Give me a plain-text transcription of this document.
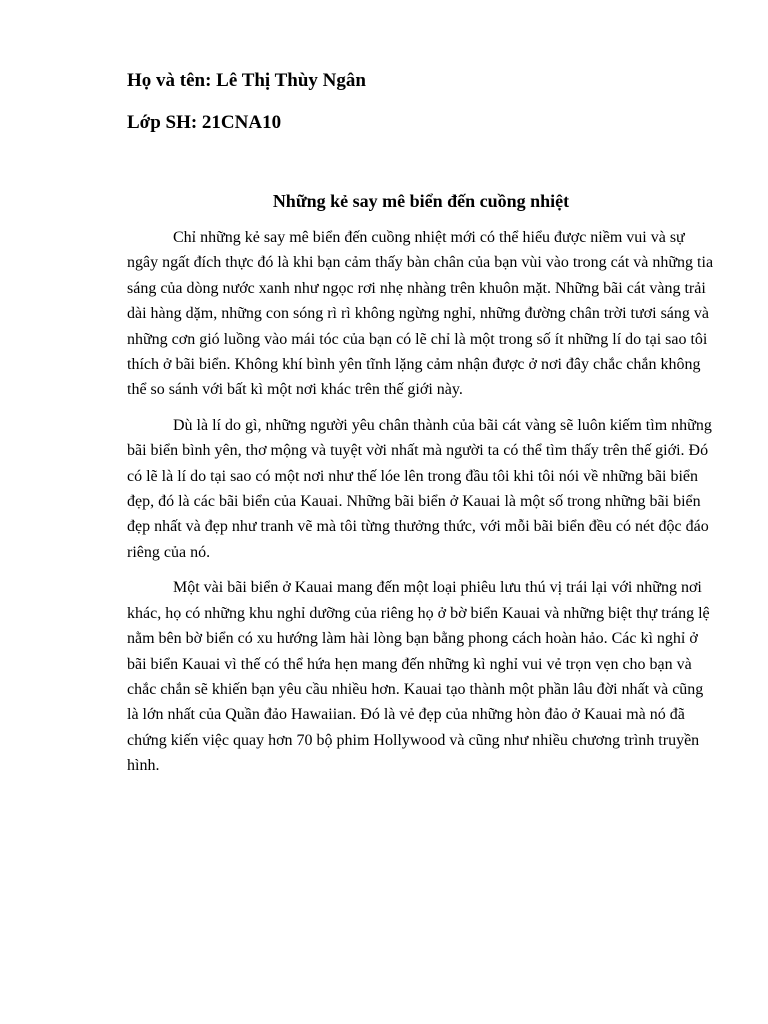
Họ và tên: Lê Thị Thùy Ngân
Lớp SH: 21CNA10
Những kẻ say mê biển đến cuồng nhiệt

Chỉ những kẻ say mê biển đến cuồng nhiệt mới có thể hiểu được niềm vui và sự ngây ngất đích thực đó là khi bạn cảm thấy bàn chân của bạn vùi vào trong cát và những tia sáng của dòng nước xanh như ngọc rơi nhẹ nhàng trên khuôn mặt. Những bãi cát vàng trải dài hàng dặm, những con sóng rì rì không ngừng nghỉ, những đường chân trời tươi sáng và những cơn gió luồng vào mái tóc của bạn có lẽ chỉ là một trong số ít những lí do tại sao tôi thích ở bãi biển. Không khí bình yên tĩnh lặng cảm nhận được ở nơi đây chắc chắn không thể so sánh với bất kì một nơi khác trên thế giới này.

Dù là lí do gì, những người yêu chân thành của bãi cát vàng sẽ luôn kiếm tìm những bãi biển bình yên, thơ mộng và tuyệt vời nhất mà người ta có thể tìm thấy trên thế giới. Đó có lẽ là lí do tại sao có một nơi như thế lóe lên trong đầu tôi khi tôi nói về những bãi biển đẹp, đó là các bãi biển của Kauai. Những bãi biển ở Kauai là một số trong những bãi biển đẹp nhất và đẹp như tranh vẽ mà tôi từng thưởng thức, với mỗi bãi biển đều có nét độc đáo riêng của nó.

Một vài bãi biển ở Kauai mang đến một loại phiêu lưu thú vị trái lại với những nơi khác, họ có những khu nghỉ dưỡng của riêng họ ở bờ biển Kauai và những biệt thự tráng lệ nằm bên bờ biển có xu hướng làm hài lòng bạn bằng phong cách hoàn hảo. Các kì nghỉ ở bãi biển Kauai vì thế có thể hứa hẹn mang đến những kì nghỉ vui vẻ trọn vẹn cho bạn và chắc chắn sẽ khiến bạn yêu cầu nhiều hơn. Kauai tạo thành một phần lâu đời nhất và cũng là lớn nhất của Quần đảo Hawaiian. Đó là vẻ đẹp của những hòn đảo ở Kauai mà nó đã chứng kiến việc quay hơn 70 bộ phim Hollywood và cũng như nhiều chương trình truyền hình.
